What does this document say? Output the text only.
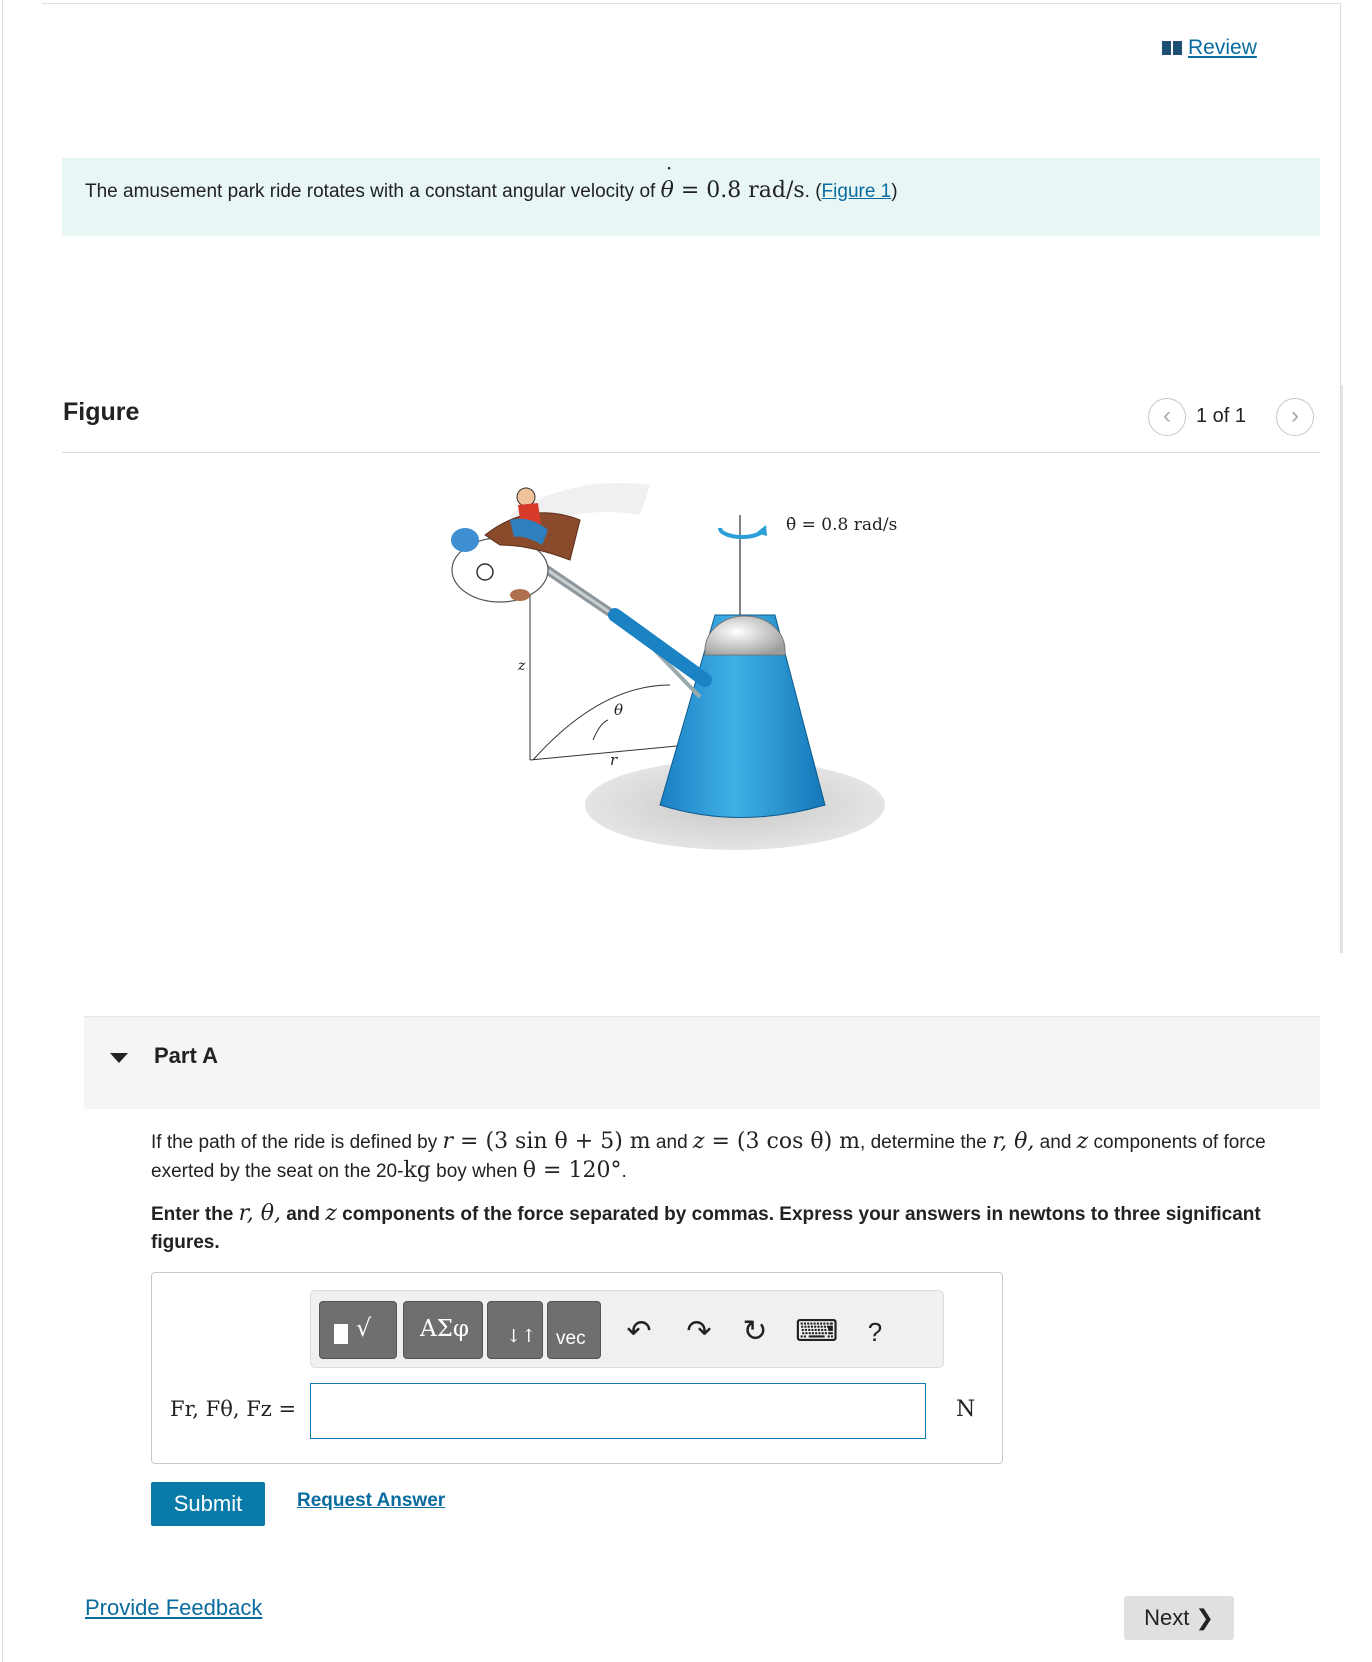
Review

The amusement park ride rotates with a constant angular velocity of ˙ θ = 0.8 rad/s. (Figure 1)

Figure	‹	1 of 1	›
θ̇ = 0.8 rad/s
z
θ
r
Part A
If the path of the ride is defined by r = (3 sin θ + 5) m and z = (3 cos θ) m, determine the r, θ, and z components of force exerted by the seat on the 20-kg boy when θ = 120°.
Enter the r, θ, and z components of the force separated by commas. Express your answers in newtons to three significant figures.
√ ΑΣφ ↓↑ vec ↶ ↷ ↻ ⌨	?
Fr, Fθ, Fz =	N
Submit	Request Answer
Provide Feedback	Next ❯
